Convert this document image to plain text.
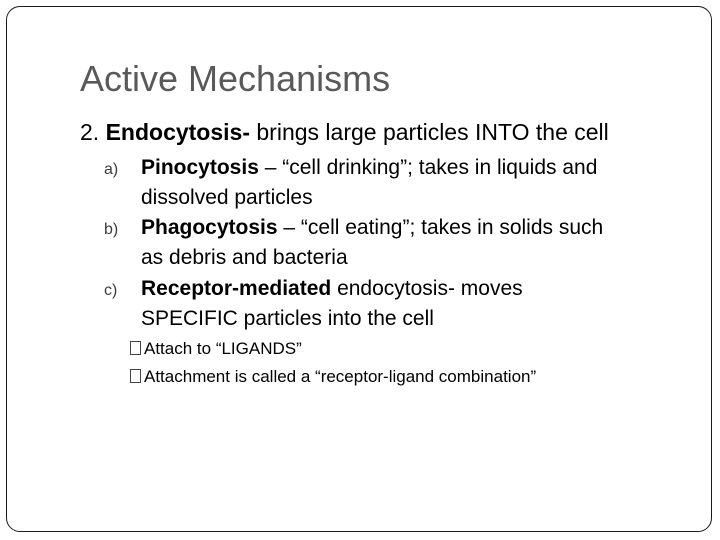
Active Mechanisms
2. Endocytosis- brings large particles INTO the cell
a)	Pinocytosis – “cell drinking”; takes in liquids and
dissolved particles
b)	Phagocytosis – “cell eating”; takes in solids such
as debris and bacteria
c)	Receptor-mediated endocytosis- moves
SPECIFIC particles into the cell
Attach to “LIGANDS”
Attachment is called a “receptor-ligand combination”
